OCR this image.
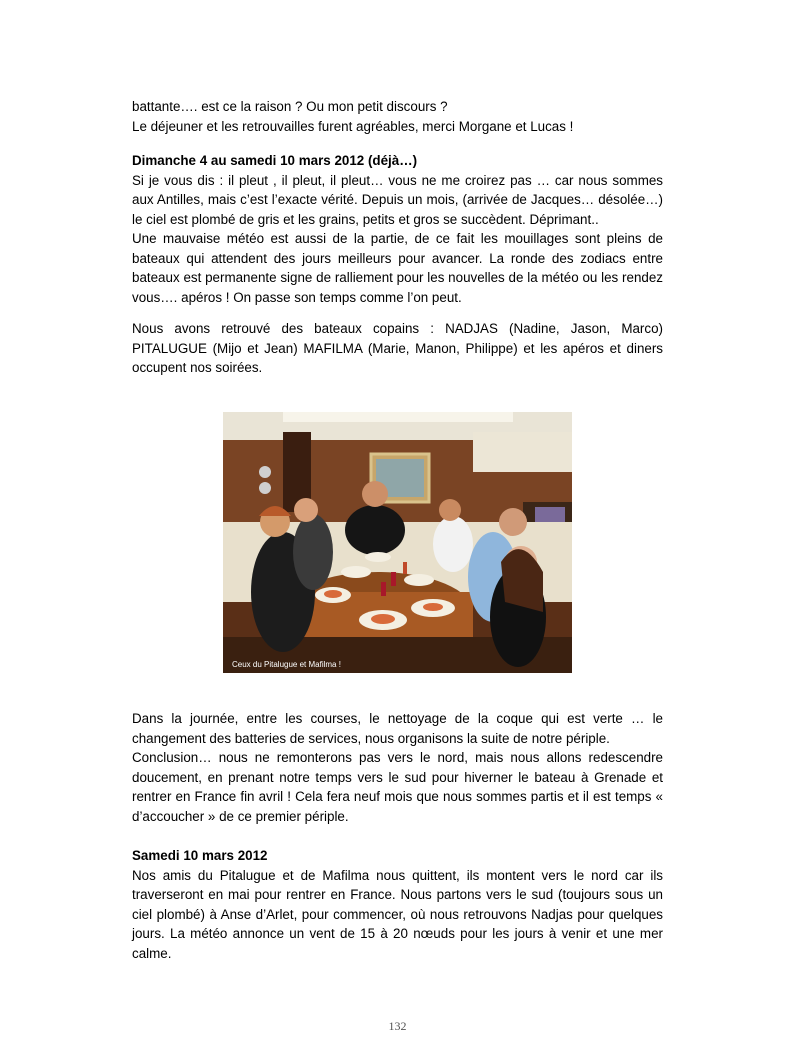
battante…. est ce la raison ? Ou mon petit discours ?

Le déjeuner et les retrouvailles furent agréables, merci Morgane et Lucas !

Dimanche 4 au samedi 10 mars 2012 (déjà…)

Si je vous dis : il pleut , il pleut, il pleut… vous ne me croirez pas … car nous sommes aux Antilles, mais c’est l’exacte vérité. Depuis un mois, (arrivée de Jacques… désolée…) le ciel est plombé de gris et les grains, petits et gros se succèdent. Déprimant..

Une mauvaise météo est aussi de la partie, de ce fait les mouillages sont pleins de bateaux qui attendent des jours meilleurs pour avancer. La ronde des zodiacs entre bateaux est permanente signe de ralliement pour les nouvelles de la météo ou les rendez vous…. apéros ! On passe son temps comme l’on peut.

Nous avons retrouvé des bateaux copains : NADJAS (Nadine, Jason, Marco) PITALUGUE (Mijo et Jean) MAFILMA (Marie, Manon, Philippe) et les apéros et diners occupent nos soirées.

Ceux du Pitalugue et Mafilma !

Dans la journée, entre les courses, le nettoyage de la coque qui est verte … le changement des batteries de services, nous organisons la suite de notre périple.

Conclusion… nous ne remonterons pas vers le nord, mais nous allons redescendre doucement, en prenant notre temps vers le sud pour hiverner le bateau à Grenade et rentrer en France fin avril ! Cela fera neuf mois que nous sommes partis et il est temps « d’accoucher » de ce premier périple.

Samedi 10 mars 2012

Nos amis du Pitalugue et de Mafilma nous quittent, ils montent vers le nord car ils traverseront en mai pour rentrer en France. Nous partons vers le sud (toujours sous un ciel plombé) à Anse d’Arlet, pour commencer, où nous retrouvons Nadjas pour quelques jours. La météo annonce un vent de 15 à 20 nœuds pour les jours à venir et une mer calme.

132
